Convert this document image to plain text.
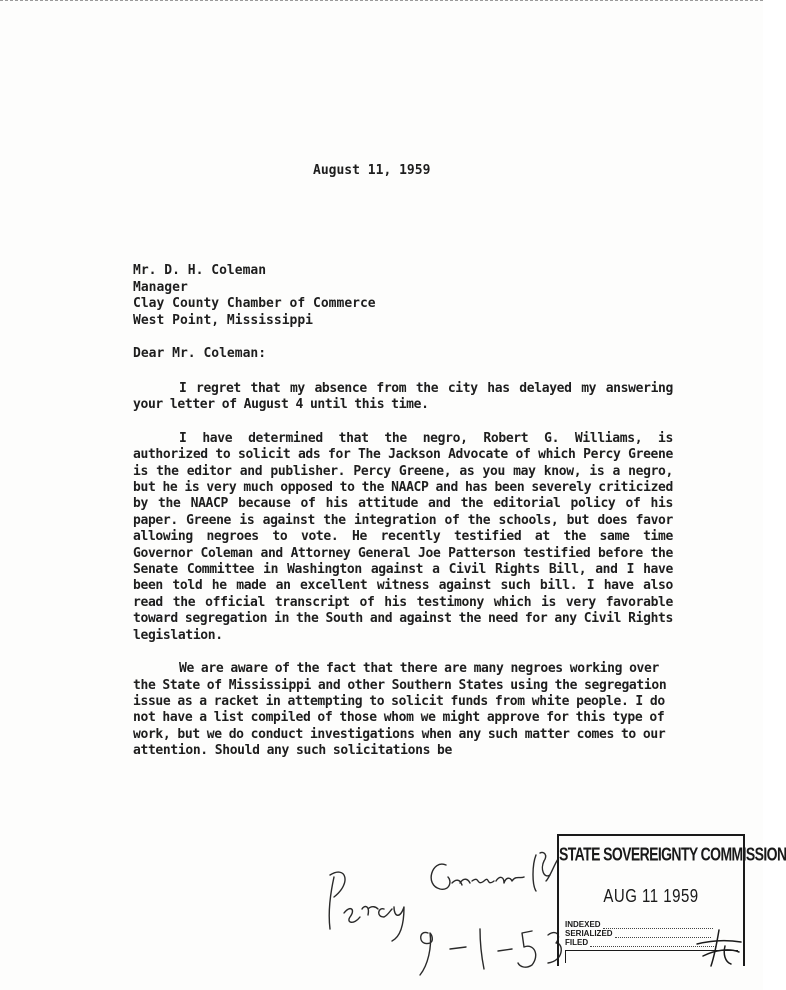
August 11, 1959
Mr. D. H. Coleman
Manager
Clay County Chamber of Commerce
West Point, Mississippi
Dear Mr. Coleman:

I regret that my absence from the city has delayed my answering your letter of August 4 until this time.

I have determined that the negro, Robert G. Williams, is authorized to solicit ads for The Jackson Advocate of which Percy Greene is the editor and publisher. Percy Greene, as you may know, is a negro, but he is very much opposed to the NAACP and has been severely criticized by the NAACP because of his attitude and the editorial policy of his paper. Greene is against the integration of the schools, but does favor allowing negroes to vote. He recently testified at the same time Governor Coleman and Attorney General Joe Patterson testified before the Senate Committee in Washington against a Civil Rights Bill, and I have been told he made an excellent witness against such bill. I have also read the official transcript of his testimony which is very favorable toward segregation in the South and against the need for any Civil Rights legislation.

We are aware of the fact that there are many negroes working over the State of Mississippi and other Southern States using the segregation issue as a racket in attempting to solicit funds from white people. I do not have a list compiled of those whom we might approve for this type of work, but we do conduct investigations when any such matter comes to our attention. Should any such solicitations be

STATE SOVEREIGNTY COMMISSION
AUG 11 1959
INDEXED
SERIALIZED
FILED
